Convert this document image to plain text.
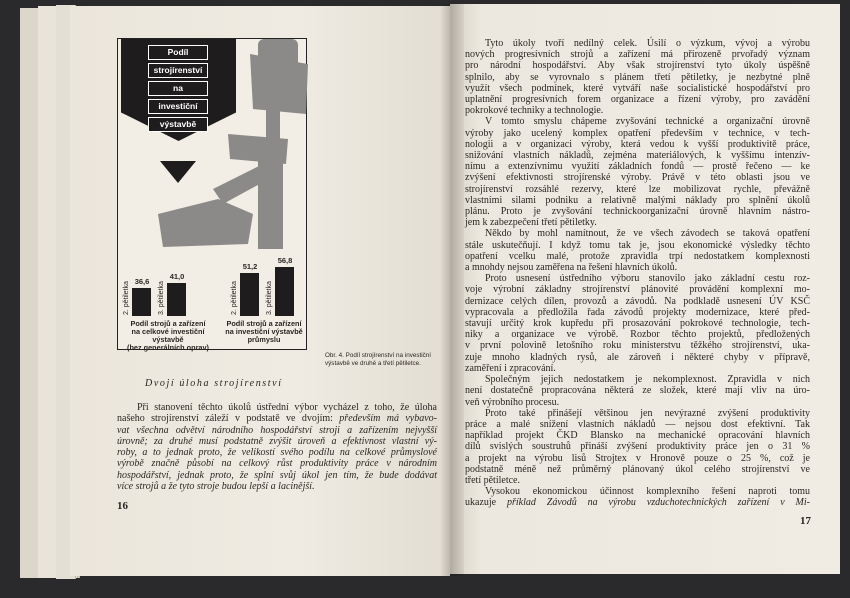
36,6
2. pětiletka
41,0
3. pětiletka
Podíl strojů a zařízení
na celkové investiční
výstavbě
(bez generálních oprav)
51,2
2. pětiletka
56,8
3. pětiletka
Podíl strojů a zařízení
na investiční výstavbě
průmyslu
Podíl
strojírenství
na
investiční
výstavbě
Obr. 4. Podíl strojírenství na investiční výstavbě ve druhé a třetí pětiletce.
Dvojí úloha strojírenství
Při stanovení těchto úkolů ústřední výbor vycházel z toho, že úloha
našeho strojírenství záleží v podstatě ve dvojím: především má vybavo-
vat všechna odvětví národního hospodářství stroji a zařízením nejvyšší
úrovně; za druhé musí podstatně zvýšit úroveň a efektivnost vlastní vý-
roby, a to jednak proto, že velikostí svého podílu na celkové průmyslové
výrobě značně působí na celkový růst produktivity práce v národním
hospodářství, jednak proto, že splní svůj úkol jen tím, že bude dodávat
více strojů a že tyto stroje budou lepší a lacinější.
16
Tyto úkoly tvoří nedílný celek. Úsilí o výzkum, vývoj a výrobu
nových progresívních strojů a zařízení má přirozeně prvořadý význam
pro národní hospodářství. Aby však strojírenství tyto úkoly úspěšně
splnilo, aby se vyrovnalo s plánem třetí pětiletky, je nezbytné plně
využít všech podmínek, které vytváří naše socialistické hospodářství pro
uplatnění progresívních forem organizace a řízení výroby, pro zavádění
pokrokové techniky a technologie.
V tomto smyslu chápeme zvyšování technické a organizační úrovně
výroby jako ucelený komplex opatření především v technice, v tech-
nologii a v organizaci výroby, která vedou k vyšší produktivitě práce,
snižování vlastních nákladů, zejména materiálových, k vyššímu intenzív-
nímu a extenzívnímu využití základních fondů — prostě řečeno — ke
zvýšení efektivnosti strojírenské výroby. Právě v této oblasti jsou ve
strojírenství rozsáhlé rezervy, které lze mobilizovat rychle, převážně
vlastními silami podniku a relativně malými náklady pro splnění úkolů
plánu. Proto je zvyšování technickoorganizační úrovně hlavním nástro-
jem k zabezpečení třetí pětiletky.
Někdo by mohl namítnout, že ve všech závodech se taková opatření
stále uskutečňují. I když tomu tak je, jsou ekonomické výsledky těchto
opatření vcelku malé, protože zpravidla trpí nedostatkem komplexnosti
a mnohdy nejsou zaměřena na řešení hlavních úkolů.
Proto usnesení ústředního výboru stanovilo jako základní cestu roz-
voje výrobní základny strojírenství plánovité provádění komplexní mo-
dernizace celých dílen, provozů a závodů. Na podkladě usnesení ÚV KSČ
vypracovala a předložila řada závodů projekty modernizace, které před-
stavují určitý krok kupředu při prosazování pokrokové technologie, tech-
niky a organizace ve výrobě. Rozbor těchto projektů, předložených
v první polovině letošního roku ministerstvu těžkého strojírenství, uka-
zuje mnoho kladných rysů, ale zároveň i některé chyby v přípravě,
zaměření i zpracování.
Společným jejich nedostatkem je nekomplexnost. Zpravidla v nich
není dostatečně propracována některá ze složek, které mají vliv na úro-
veň výrobního procesu.
Proto také přinášejí většinou jen nevýrazné zvýšení produktivity
práce a malé snížení vlastních nákladů — nejsou dost efektivní. Tak
například projekt ČKD Blansko na mechanické opracování hlavních
dílů svislých soustruhů přináší zvýšení produktivity práce jen o 31 %
a projekt na výrobu lisů Strojtex v Hronově pouze o 25 %, což je
podstatně méně než průměrný plánovaný úkol celého strojírenství ve
třetí pětiletce.
Vysokou ekonomickou účinnost komplexního řešení naproti tomu
ukazuje příklad Závodů na výrobu vzduchotechnických zařízení v Mi-
17
